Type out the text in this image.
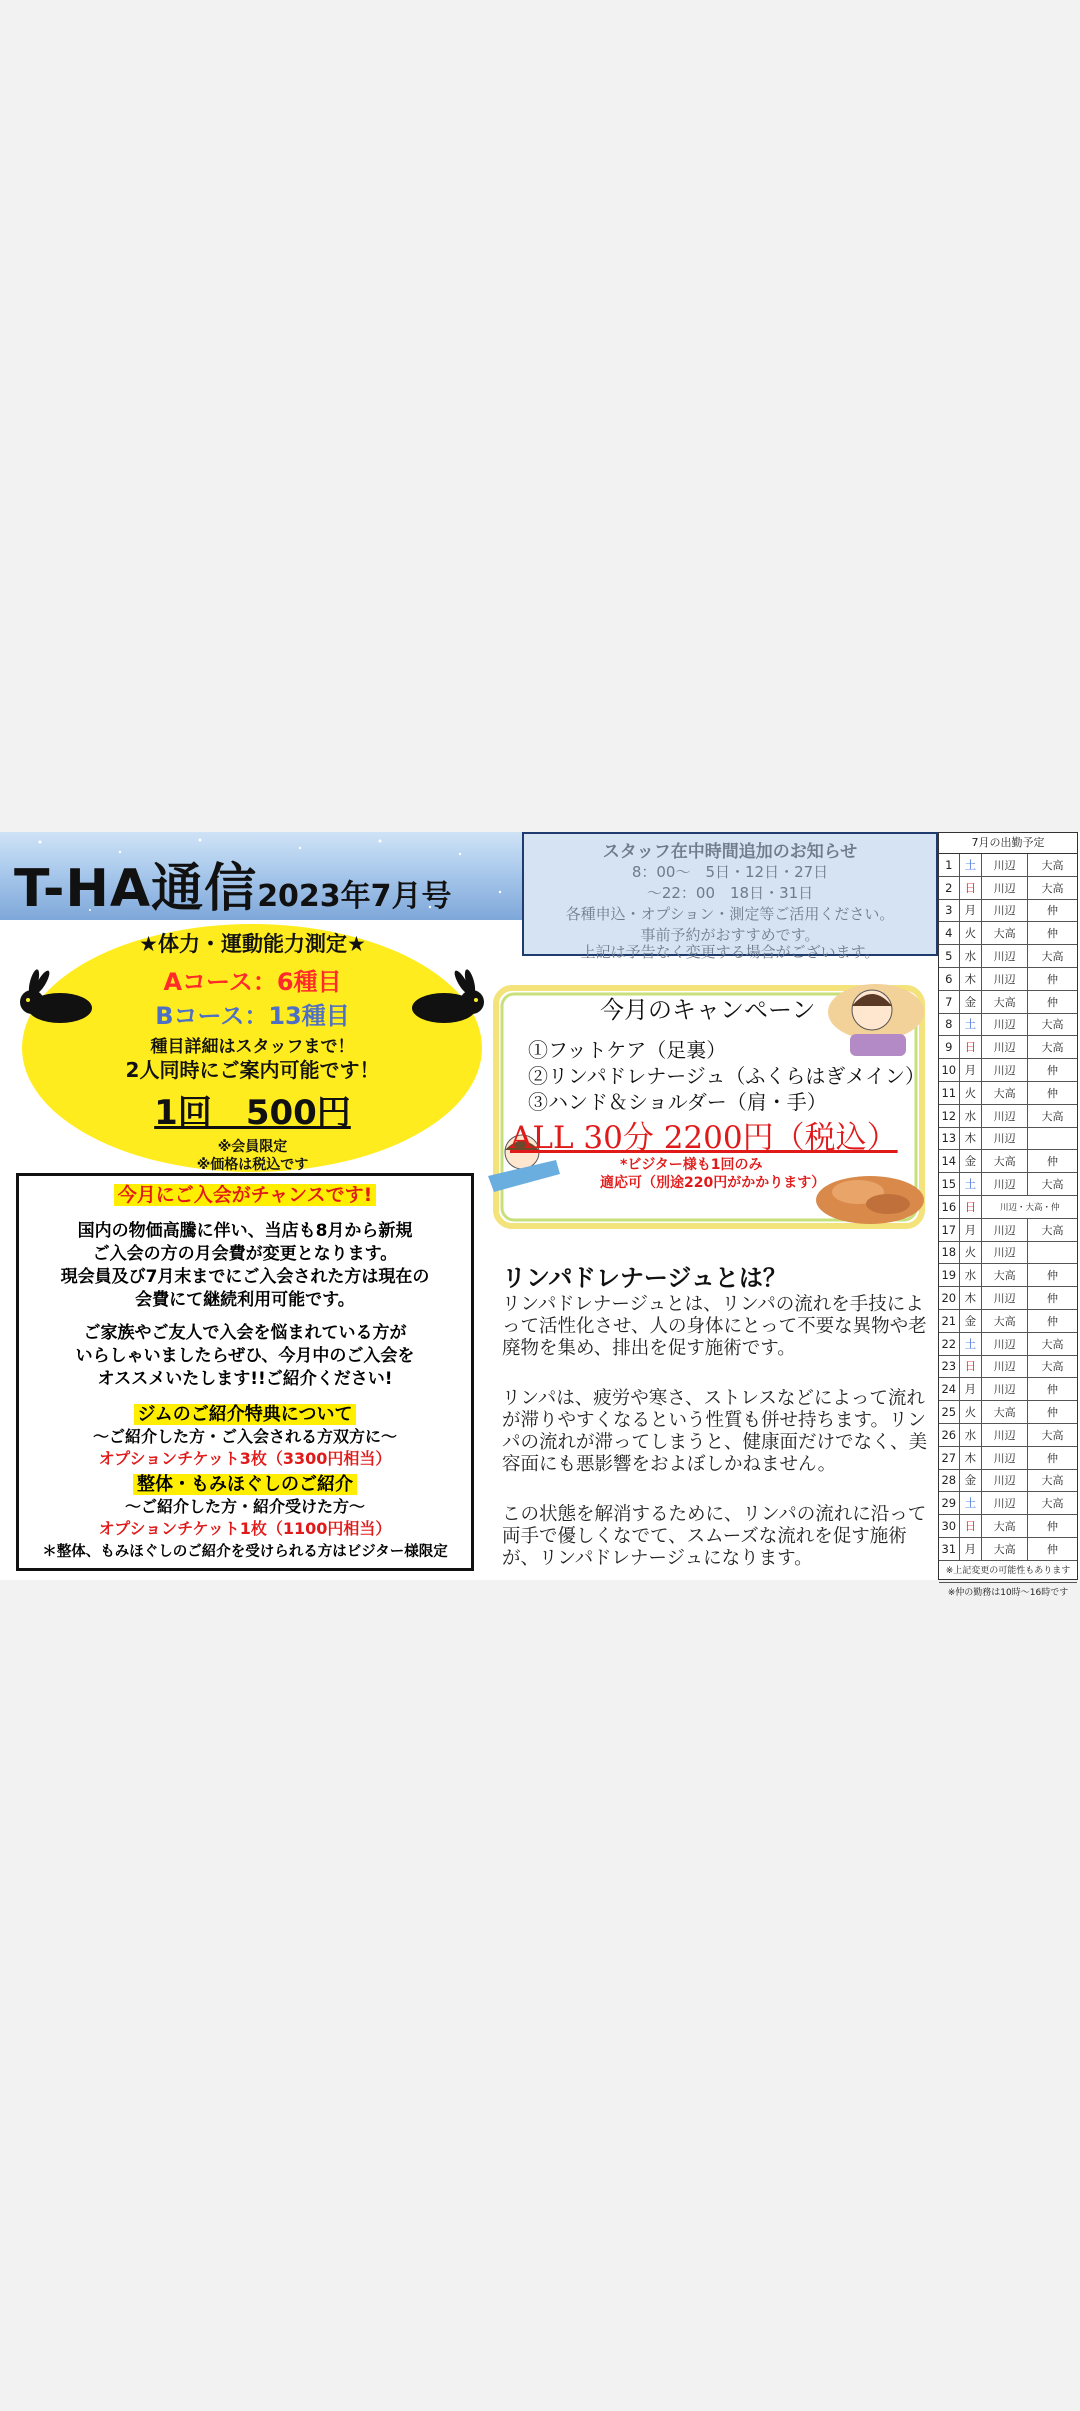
T-HA通信2023年7月号
★体力・運動能力測定★
Aコース：6種目
Bコース：13種目
種目詳細はスタッフまで！
2人同時にご案内可能です！
1回　500円
※会員限定
※価格は税込です
今月にご入会がチャンスです!
国内の物価高騰に伴い、当店も8月から新規
ご入会の方の月会費が変更となります。
現会員及び7月末までにご入会された方は現在の
会費にて継続利用可能です。
ご家族やご友人で入会を悩まれている方が
いらしゃいましたらぜひ、今月中のご入会を
オススメいたします!!ご紹介ください!
ジムのご紹介特典について
〜ご紹介した方・ご入会される方双方に〜
オプションチケット3枚（3300円相当）
整体・もみほぐしのご紹介
〜ご紹介した方・紹介受けた方〜
オプションチケット1枚（1100円相当）
＊整体、もみほぐしのご紹介を受けられる方はビジター様限定
スタッフ在中時間追加のお知らせ
8：00〜　5日・12日・27日
〜22：00　18日・31日
各種申込・オプション・測定等ご活用ください。
事前予約がおすすめです。
上記は予告なく変更する場合がございます。
今月のキャンペーン
①フットケア（足裏）
②リンパドレナージュ（ふくらはぎメイン）
③ハンド＆ショルダー（肩・手）
ALL 30分 2200円（税込）
*ビジター様も1回のみ
適応可（別途220円がかかります）
リンパドレナージュとは？
リンパドレナージュとは、リンパの流れを手技によって活性化させ、人の身体にとって不要な異物や老廃物を集め、排出を促す施術です。
リンパは、疲労や寒さ、ストレスなどによって流れが滞りやすくなるという性質も併せ持ちます。リンパの流れが滞ってしまうと、健康面だけでなく、美容面にも悪影響をおよぼしかねません。
この状態を解消するために、リンパの流れに沿って両手で優しくなでて、スムーズな流れを促す施術が、リンパドレナージュになります。
7月の出勤予定
1	土	川辺	大高
2	日	川辺	大高
3	月	川辺	仲
4	火	大高	仲
5	水	川辺	大高
6	木	川辺	仲
7	金	大高	仲
8	土	川辺	大高
9	日	川辺	大高
10 月	川辺	仲
11 火	大高	仲
12 水	川辺	大高
13 木	川辺
14 金	大高	仲
15 土	川辺	大高
16 日	川辺・大高・仲
17 月	川辺	大高
18 火	川辺
19 水	大高	仲
20 木	川辺	仲
21 金	大高	仲
22 土	川辺	大高
23 日	川辺	大高
24 月	川辺	仲
25 火	大高	仲
26 水	川辺	大高
27 木	川辺	仲
28 金	川辺	大高
29 土	川辺	大高
30 日	大高	仲
31 月	大高	仲
※上記変更の可能性もあります
※仲の勤務は10時〜16時です
